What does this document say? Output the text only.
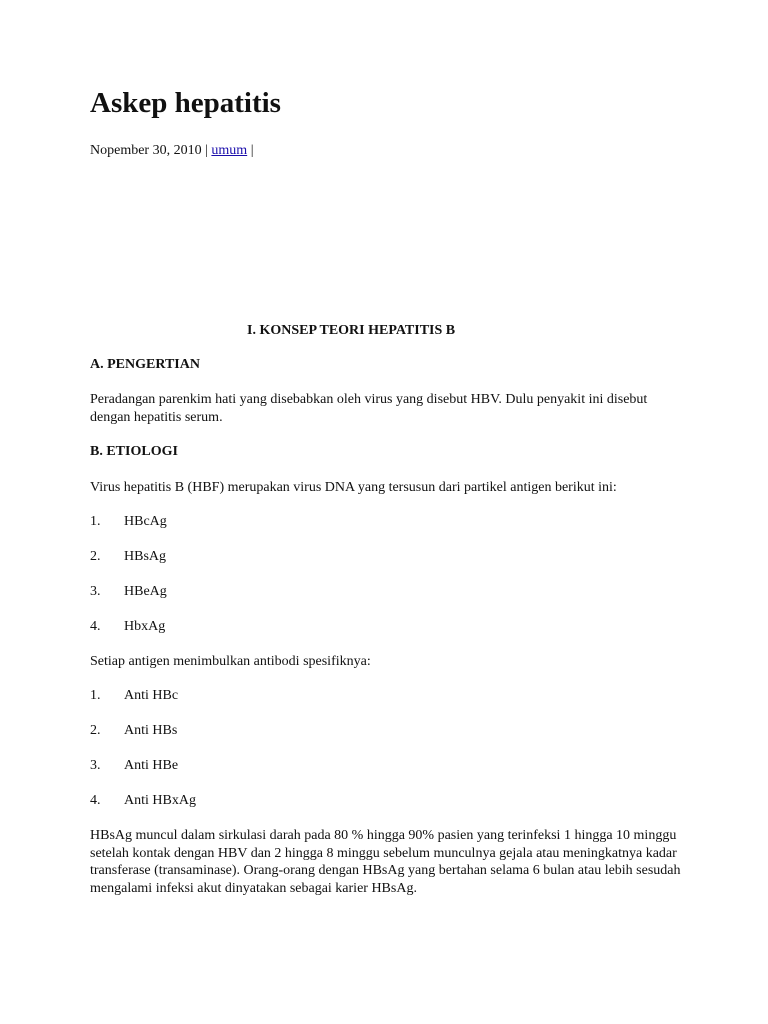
Askep hepatitis
Nopember 30, 2010 | umum |
I. KONSEP TEORI HEPATITIS B
A. PENGERTIAN
Peradangan parenkim hati yang disebabkan oleh virus yang disebut HBV. Dulu penyakit ini disebut dengan hepatitis serum.
B. ETIOLOGI
Virus hepatitis B (HBF) merupakan virus DNA yang tersusun dari partikel antigen berikut ini:
1. HBcAg
2. HBsAg
3. HBeAg
4. HbxAg
Setiap antigen menimbulkan antibodi spesifiknya:
1. Anti HBc
2. Anti HBs
3. Anti HBe
4. Anti HBxAg
HBsAg muncul dalam sirkulasi darah pada 80 % hingga 90% pasien yang terinfeksi 1 hingga 10 minggu setelah kontak dengan HBV dan 2 hingga 8 minggu sebelum munculnya gejala atau meningkatnya kadar transferase (transaminase). Orang-orang dengan HBsAg yang bertahan selama 6 bulan atau lebih sesudah mengalami infeksi akut dinyatakan sebagai karier HBsAg.
